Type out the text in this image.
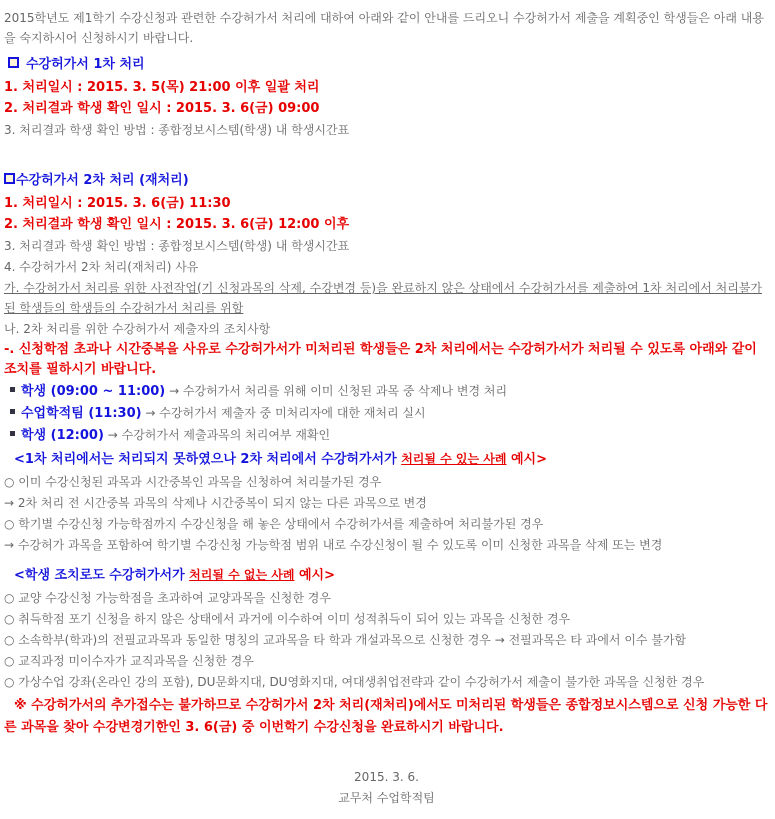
2015학년도 제1학기 수강신청과 관련한 수강허가서 처리에 대하여 아래와 같이 안내를 드리오니 수강허가서 제출을 계획중인 학생들은 아래 내용을 숙지하시어 신청하시기 바랍니다.

수강허가서 1차 처리

1. 처리일시 : 2015. 3. 5(목) 21:00 이후 일괄 처리

2. 처리결과 학생 확인 일시 : 2015. 3. 6(금) 09:00

3. 처리결과 학생 확인 방법 : 종합정보시스템(학생) 내 학생시간표

수강허가서 2차 처리 (재처리)

1. 처리일시 : 2015. 3. 6(금) 11:30

2. 처리결과 학생 확인 일시 : 2015. 3. 6(금) 12:00 이후

3. 처리결과 학생 확인 방법 : 종합정보시스템(학생) 내 학생시간표

4. 수강허가서 2차 처리(재처리) 사유

가. 수강허가서 처리를 위한 사전작업(기 신청과목의 삭제, 수강변경 등)을 완료하지 않은 상태에서 수강허가서를 제출하여 1차 처리에서 처리불가된 학생들의 학생들의 수강허가서 처리를 위함

나. 2차 처리를 위한 수강허가서 제출자의 조치사항

-. 신청학점 초과나 시간중복을 사유로 수강허가서가 미처리된 학생들은 2차 처리에서는 수강허가서가 처리될 수 있도록 아래와 같이 조치를 필하시기 바랍니다.

학생 (09:00 ~ 11:00) → 수강허가서 처리를 위해 이미 신청된 과목 중 삭제나 변경 처리

수업학적팀 (11:30) → 수강허가서 제출자 중 미처리자에 대한 재처리 실시

학생 (12:00) → 수강허가서 제출과목의 처리여부 재확인

<1차 처리에서는 처리되지 못하였으나 2차 처리에서 수강허가서가 처리될 수 있는 사례 예시>

○ 이미 수강신청된 과목과 시간중복인 과목을 신청하여 처리불가된 경우

→ 2차 처리 전 시간중복 과목의 삭제나 시간중복이 되지 않는 다른 과목으로 변경

○ 학기별 수강신청 가능학점까지 수강신청을 해 놓은 상태에서 수강허가서를 제출하여 처리불가된 경우

→ 수강허가 과목을 포함하여 학기별 수강신청 가능학점 범위 내로 수강신청이 될 수 있도록 이미 신청한 과목을 삭제 또는 변경

<학생 조치로도 수강허가서가 처리될 수 없는 사례 예시>

○ 교양 수강신청 가능학점을 초과하여 교양과목을 신청한 경우

○ 취득학점 포기 신청을 하지 않은 상태에서 과거에 이수하여 이미 성적취득이 되어 있는 과목을 신청한 경우

○ 소속학부(학과)의 전필교과목과 동일한 명칭의 교과목을 타 학과 개설과목으로 신청한 경우 → 전필과목은 타 과에서 이수 불가함

○ 교직과정 미이수자가 교직과목을 신청한 경우

○ 가상수업 강좌(온라인 강의 포함), DU문화지대, DU영화지대, 여대생취업전략과 같이 수강허가서 제출이 불가한 과목을 신청한 경우

※ 수강허가서의 추가접수는 불가하므로 수강허가서 2차 처리(재처리)에서도 미처리된 학생들은 종합정보시스템으로 신청 가능한 다른 과목을 찾아 수강변경기한인 3. 6(금) 중 이번학기 수강신청을 완료하시기 바랍니다.

2015. 3. 6.

교무처 수업학적팀
